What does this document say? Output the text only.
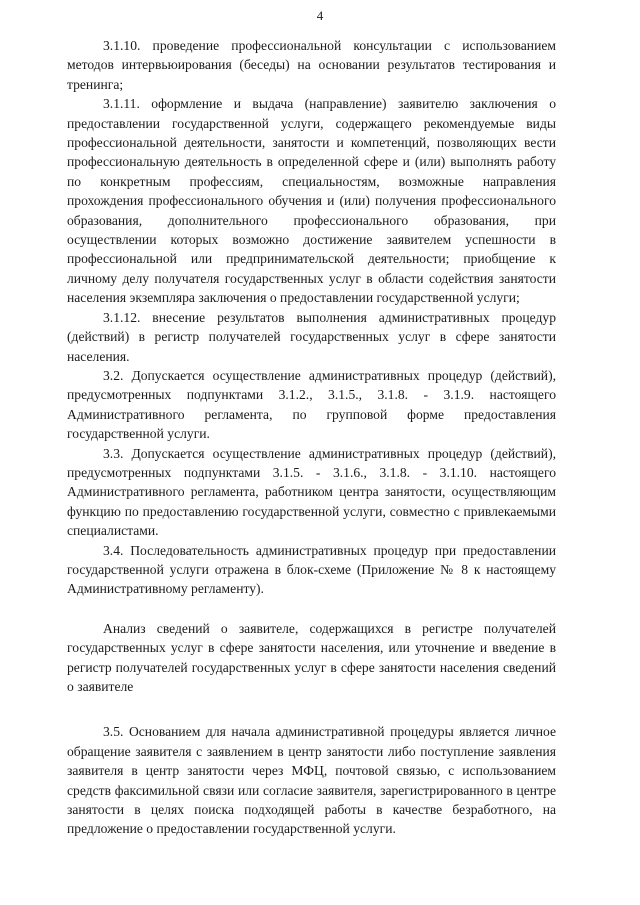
4

3.1.10. проведение профессиональной консультации с использованием методов интервьюирования (беседы) на основании результатов тестирования и тренинга;

3.1.11. оформление и выдача (направление) заявителю заключения о предоставлении государственной услуги, содержащего рекомендуемые виды профессиональной деятельности, занятости и компетенций, позволяющих вести профессиональную деятельность в определенной сфере и (или) выполнять работу по конкретным профессиям, специальностям, возможные направления прохождения профессионального обучения и (или) получения профессионального образования, дополнительного профессионального образования, при осуществлении которых возможно достижение заявителем успешности в профессиональной или предпринимательской деятельности; приобщение к личному делу получателя государственных услуг в области содействия занятости населения экземпляра заключения о предоставлении государственной услуги;

3.1.12. внесение результатов выполнения административных процедур (действий) в регистр получателей государственных услуг в сфере занятости населения.

3.2. Допускается осуществление административных процедур (действий), предусмотренных подпунктами 3.1.2., 3.1.5., 3.1.8. - 3.1.9. настоящего Административного регламента, по групповой форме предоставления государственной услуги.

3.3. Допускается осуществление административных процедур (действий), предусмотренных подпунктами 3.1.5. - 3.1.6., 3.1.8. - 3.1.10. настоящего Административного регламента, работником центра занятости, осуществляющим функцию по предоставлению государственной услуги, совместно с привлекаемыми специалистами.

3.4. Последовательность административных процедур при предоставлении государственной услуги отражена в блок-схеме (Приложение № 8 к настоящему Административному регламенту).

Анализ сведений о заявителе, содержащихся в регистре получателей государственных услуг в сфере занятости населения, или уточнение и введение в регистр получателей государственных услуг в сфере занятости населения сведений о заявителе

3.5. Основанием для начала административной процедуры является личное обращение заявителя с заявлением в центр занятости либо поступление заявления заявителя в центр занятости через МФЦ, почтовой связью, с использованием средств факсимильной связи или согласие заявителя, зарегистрированного в центре занятости в целях поиска подходящей работы в качестве безработного, на предложение о предоставлении государственной услуги.
